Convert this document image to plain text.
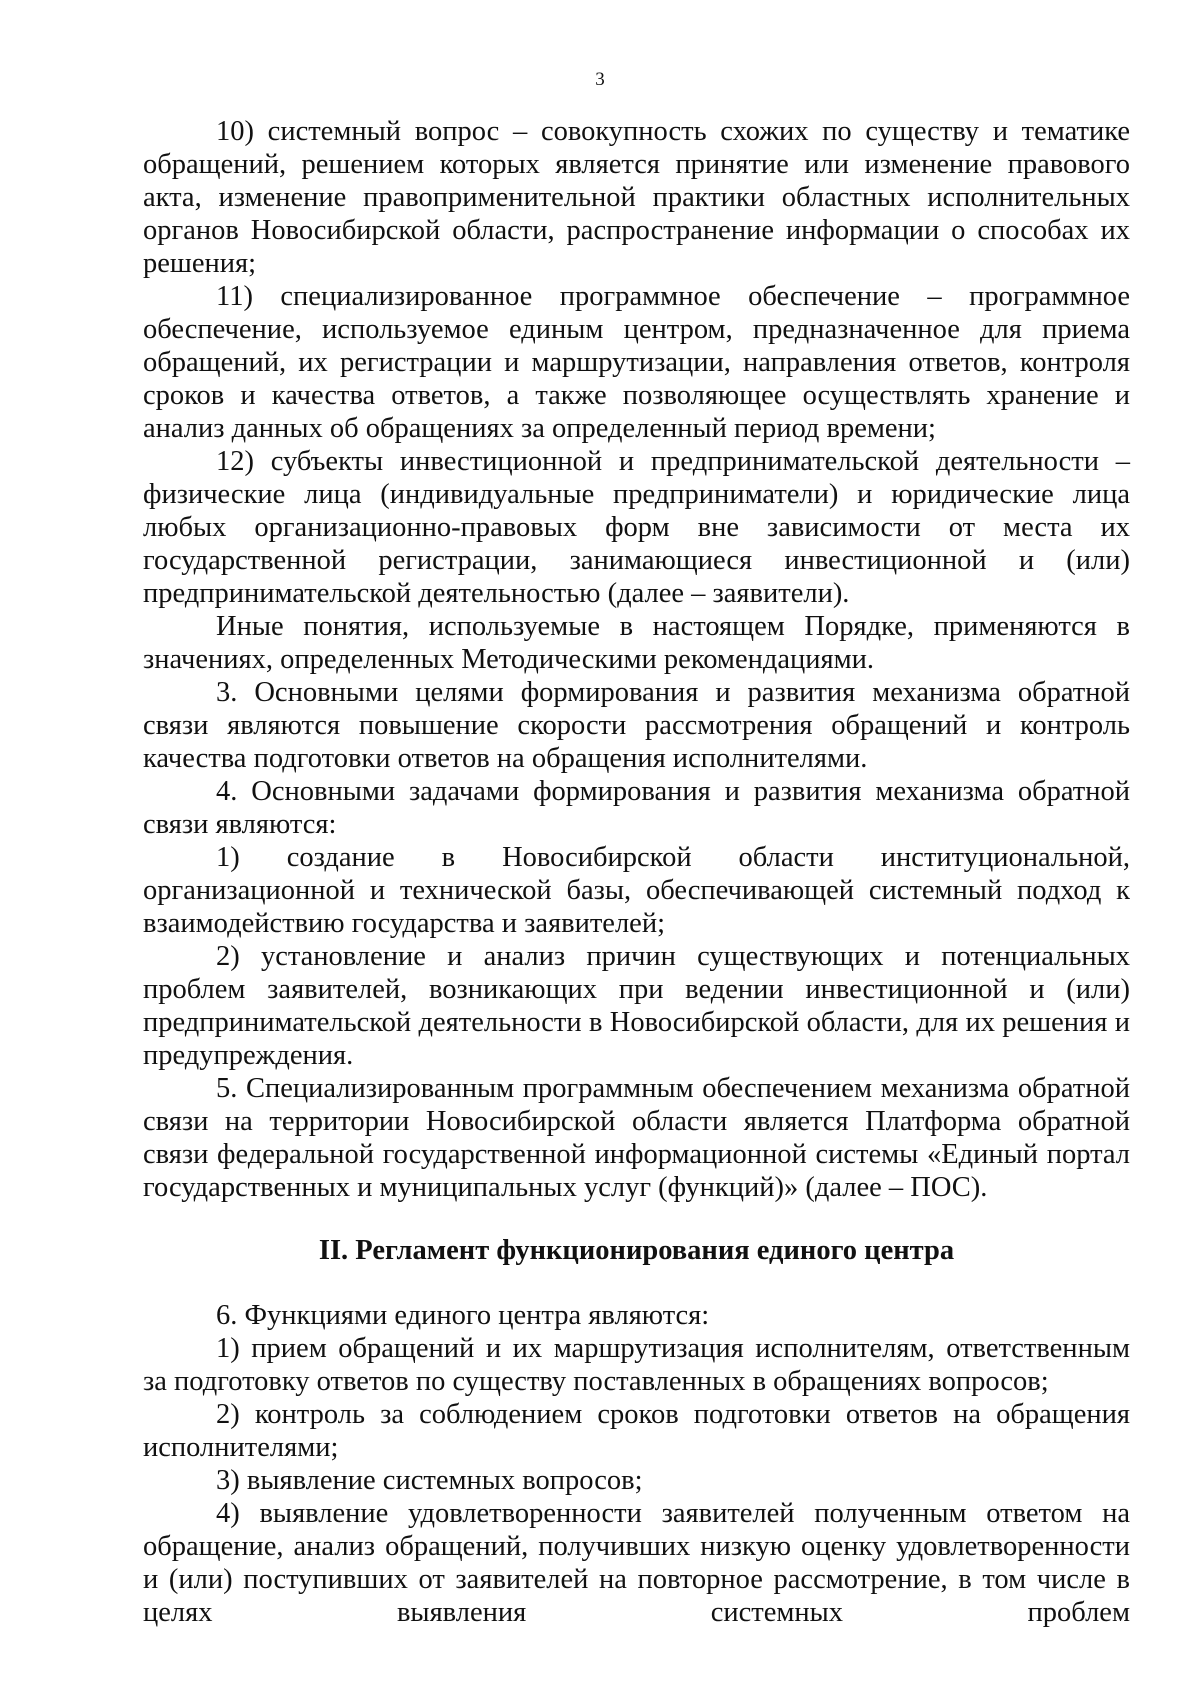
3

10) системный вопрос – совокупность схожих по существу и тематике обращений, решением которых является принятие или изменение правового акта, изменение правоприменительной практики областных исполнительных органов Новосибирской области, распространение информации о способах их решения;

11) специализированное программное обеспечение – программное обеспечение, используемое единым центром, предназначенное для приема обращений, их регистрации и маршрутизации, направления ответов, контроля сроков и качества ответов, а также позволяющее осуществлять хранение и анализ данных об обращениях за определенный период времени;

12) субъекты инвестиционной и предпринимательской деятельности – физические лица (индивидуальные предприниматели) и юридические лица любых организационно-правовых форм вне зависимости от места их государственной регистрации, занимающиеся инвестиционной и (или) предпринимательской деятельностью (далее – заявители).

Иные понятия, используемые в настоящем Порядке, применяются в значениях, определенных Методическими рекомендациями.

3. Основными целями формирования и развития механизма обратной связи являются повышение скорости рассмотрения обращений и контроль качества подготовки ответов на обращения исполнителями.

4. Основными задачами формирования и развития механизма обратной связи являются:

1) создание в Новосибирской области институциональной, организационной и технической базы, обеспечивающей системный подход к взаимодействию государства и заявителей;

2) установление и анализ причин существующих и потенциальных проблем заявителей, возникающих при ведении инвестиционной и (или) предпринимательской деятельности в Новосибирской области, для их решения и предупреждения.

5. Специализированным программным обеспечением механизма обратной связи на территории Новосибирской области является Платформа обратной связи федеральной государственной информационной системы «Единый портал государственных и муниципальных услуг (функций)» (далее – ПОС).

II. Регламент функционирования единого центра

6. Функциями единого центра являются:

1) прием обращений и их маршрутизация исполнителям, ответственным за подготовку ответов по существу поставленных в обращениях вопросов;

2) контроль за соблюдением сроков подготовки ответов на обращения исполнителями;

3) выявление системных вопросов;

4) выявление удовлетворенности заявителей полученным ответом на обращение, анализ обращений, получивших низкую оценку удовлетворенности и (или) поступивших от заявителей на повторное рассмотрение, в том числе в целях выявления системных проблем
